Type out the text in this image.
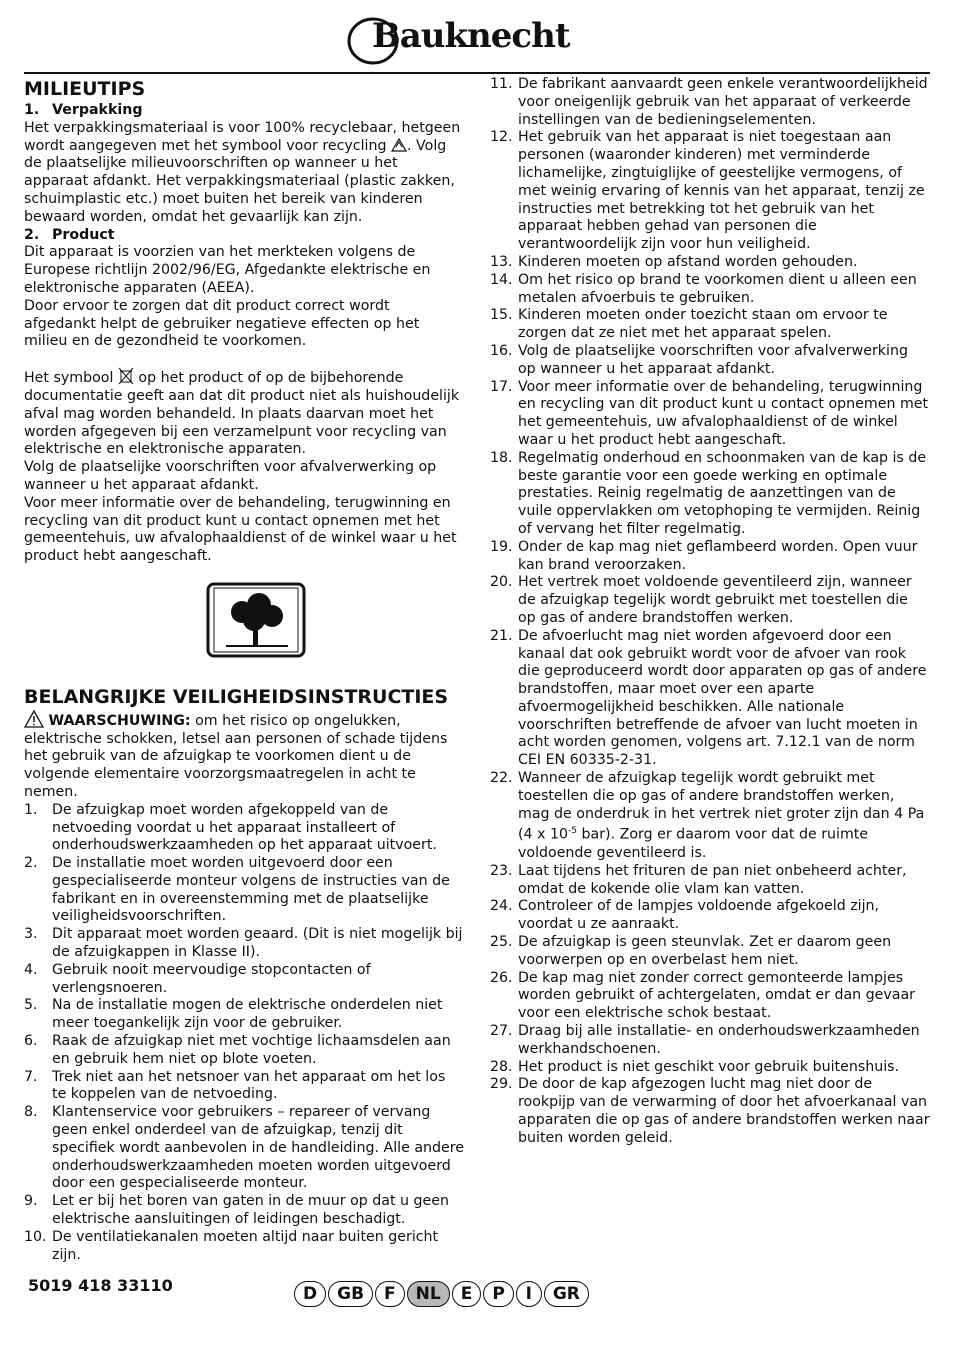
Bauknecht
MILIEUTIPS
1. Verpakking

Het verpakkingsmateriaal is voor 100% recyclebaar, hetgeen wordt aangegeven met het symbool voor recycling . Volg de plaatselijke milieuvoorschriften op wanneer u het apparaat afdankt. Het verpakkingsmateriaal (plastic zakken, schuimplastic etc.) moet buiten het bereik van kinderen bewaard worden, omdat het gevaarlijk kan zijn.

2. Product

Dit apparaat is voorzien van het merkteken volgens de Europese richtlijn 2002/96/EG, Afgedankte elektrische en elektronische apparaten (AEEA).

Door ervoor te zorgen dat dit product correct wordt afgedankt helpt de gebruiker negatieve effecten op het milieu en de gezondheid te voorkomen.

Het symbool op het product of op de bijbehorende documentatie geeft aan dat dit product niet als huishoudelijk afval mag worden behandeld. In plaats daarvan moet het worden afgegeven bij een verzamelpunt voor recycling van elektrische en elektronische apparaten.

Volg de plaatselijke voorschriften voor afvalverwerking op wanneer u het apparaat afdankt.

Voor meer informatie over de behandeling, terugwinning en recycling van dit product kunt u contact opnemen met het gemeentehuis, uw afvalophaaldienst of de winkel waar u het product hebt aangeschaft.

BELANGRIJKE VEILIGHEIDSINSTRUCTIES

WAARSCHUWING: om het risico op ongelukken, elektrische schokken, letsel aan personen of schade tijdens het gebruik van de afzuigkap te voorkomen dient u de volgende elementaire voorzorgsmaatregelen in acht te nemen.

1. De afzuigkap moet worden afgekoppeld van de netvoeding voordat u het apparaat installeert of onderhoudswerkzaamheden op het apparaat uitvoert.
2. De installatie moet worden uitgevoerd door een gespecialiseerde monteur volgens de instructies van de fabrikant en in overeenstemming met de plaatselijke veiligheidsvoorschriften.
3. Dit apparaat moet worden geaard. (Dit is niet mogelijk bij de afzuigkappen in Klasse II).
4. Gebruik nooit meervoudige stopcontacten of verlengsnoeren.
5. Na de installatie mogen de elektrische onderdelen niet meer toegankelijk zijn voor de gebruiker.
6. Raak de afzuigkap niet met vochtige lichaamsdelen aan en gebruik hem niet op blote voeten.
7. Trek niet aan het netsnoer van het apparaat om het los te koppelen van de netvoeding.
8. Klantenservice voor gebruikers – repareer of vervang geen enkel onderdeel van de afzuigkap, tenzij dit specifiek wordt aanbevolen in de handleiding. Alle andere onderhoudswerkzaamheden moeten worden uitgevoerd door een gespecialiseerde monteur.
9. Let er bij het boren van gaten in de muur op dat u geen elektrische aansluitingen of leidingen beschadigt.
10. De ventilatiekanalen moeten altijd naar buiten gericht zijn.
11. De fabrikant aanvaardt geen enkele verantwoordelijkheid voor oneigenlijk gebruik van het apparaat of verkeerde instellingen van de bedieningselementen.
12. Het gebruik van het apparaat is niet toegestaan aan personen (waaronder kinderen) met verminderde lichamelijke, zingtuiglijke of geestelijke vermogens, of met weinig ervaring of kennis van het apparaat, tenzij ze instructies met betrekking tot het gebruik van het apparaat hebben gehad van personen die verantwoordelijk zijn voor hun veiligheid.
13. Kinderen moeten op afstand worden gehouden.
14. Om het risico op brand te voorkomen dient u alleen een metalen afvoerbuis te gebruiken.
15. Kinderen moeten onder toezicht staan om ervoor te zorgen dat ze niet met het apparaat spelen.
16. Volg de plaatselijke voorschriften voor afvalverwerking op wanneer u het apparaat afdankt.
17. Voor meer informatie over de behandeling, terugwinning en recycling van dit product kunt u contact opnemen met het gemeentehuis, uw afvalophaaldienst of de winkel waar u het product hebt aangeschaft.
18. Regelmatig onderhoud en schoonmaken van de kap is de beste garantie voor een goede werking en optimale prestaties. Reinig regelmatig de aanzettingen van de vuile oppervlakken om vetophoping te vermijden. Reinig of vervang het filter regelmatig.
19. Onder de kap mag niet geflambeerd worden. Open vuur kan brand veroorzaken.
20. Het vertrek moet voldoende geventileerd zijn, wanneer de afzuigkap tegelijk wordt gebruikt met toestellen die op gas of andere brandstoffen werken.
21. De afvoerlucht mag niet worden afgevoerd door een kanaal dat ook gebruikt wordt voor de afvoer van rook die geproduceerd wordt door apparaten op gas of andere brandstoffen, maar moet over een aparte afvoermogelijkheid beschikken. Alle nationale voorschriften betreffende de afvoer van lucht moeten in acht worden genomen, volgens art. 7.12.1 van de norm CEI EN 60335-2-31.
22. Wanneer de afzuigkap tegelijk wordt gebruikt met toestellen die op gas of andere brandstoffen werken, mag de onderdruk in het vertrek niet groter zijn dan 4 Pa (4 x $10^{-5}$ bar). Zorg er daarom voor dat de ruimte voldoende geventileerd is.
23. Laat tijdens het frituren de pan niet onbeheerd achter, omdat de kokende olie vlam kan vatten.
24. Controleer of de lampjes voldoende afgekoeld zijn, voordat u ze aanraakt.
25. De afzuigkap is geen steunvlak. Zet er daarom geen voorwerpen op en overbelast hem niet.
26. De kap mag niet zonder correct gemonteerde lampjes worden gebruikt of achtergelaten, omdat er dan gevaar voor een elektrische schok bestaat.
27. Draag bij alle installatie- en onderhoudswerkzaamheden werkhandschoenen.
28. Het product is niet geschikt voor gebruik buitenshuis.
29. De door de kap afgezogen lucht mag niet door de rookpijp van de verwarming of door het afvoerkanaal van apparaten die op gas of andere brandstoffen werken naar buiten worden geleid.
5019 418 33110	D	GB	F	NL	E	P	I	GR
